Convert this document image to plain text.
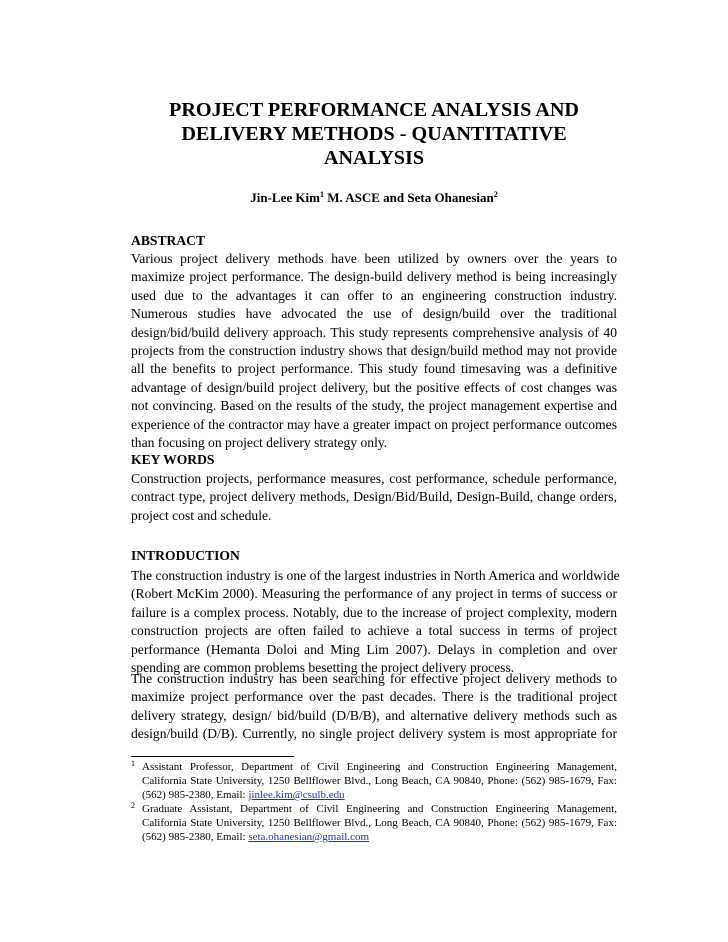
PROJECT PERFORMANCE ANALYSIS AND
DELIVERY METHODS - QUANTITATIVE
ANALYSIS
Jin-Lee Kim$^1$ M. ASCE and Seta Ohanesian$^2$
ABSTRACT
Various project delivery methods have been utilized by owners over the years to
maximize project performance. The design-build delivery method is being increasingly
used due to the advantages it can offer to an engineering construction industry.
Numerous studies have advocated the use of design/build over the traditional
design/bid/build delivery approach. This study represents comprehensive analysis of 40
projects from the construction industry shows that design/build method may not provide
all the benefits to project performance. This study found timesaving was a definitive
advantage of design/build project delivery, but the positive effects of cost changes was
not convincing. Based on the results of the study, the project management expertise and
experience of the contractor may have a greater impact on project performance outcomes
than focusing on project delivery strategy only.
KEY WORDS
Construction projects, performance measures, cost performance, schedule performance,
contract type, project delivery methods, Design/Bid/Build, Design-Build, change orders,
project cost and schedule.
INTRODUCTION
The construction industry is one of the largest industries in North America and worldwide
(Robert McKim 2000). Measuring the performance of any project in terms of success or
failure is a complex process. Notably, due to the increase of project complexity, modern
construction projects are often failed to achieve a total success in terms of project
performance (Hemanta Doloi and Ming Lim 2007). Delays in completion and over
spending are common problems besetting the project delivery process.
The construction industry has been searching for effective project delivery methods to
maximize project performance over the past decades. There is the traditional project
delivery strategy, design/ bid/build (D/B/B), and alternative delivery methods such as
design/build (D/B). Currently, no single project delivery system is most appropriate for
1 Assistant Professor, Department of Civil Engineering and Construction Engineering Management,
California State University, 1250 Bellflower Blvd., Long Beach, CA 90840, Phone: (562) 985-1679, Fax:
(562) 985-2380, Email: jinlee.kim@csulb.edu
2 Graduate Assistant, Department of Civil Engineering and Construction Engineering Management,
California State University, 1250 Bellflower Blvd., Long Beach, CA 90840, Phone: (562) 985-1679, Fax:
(562) 985-2380, Email: seta.ohanesian@gmail.com
